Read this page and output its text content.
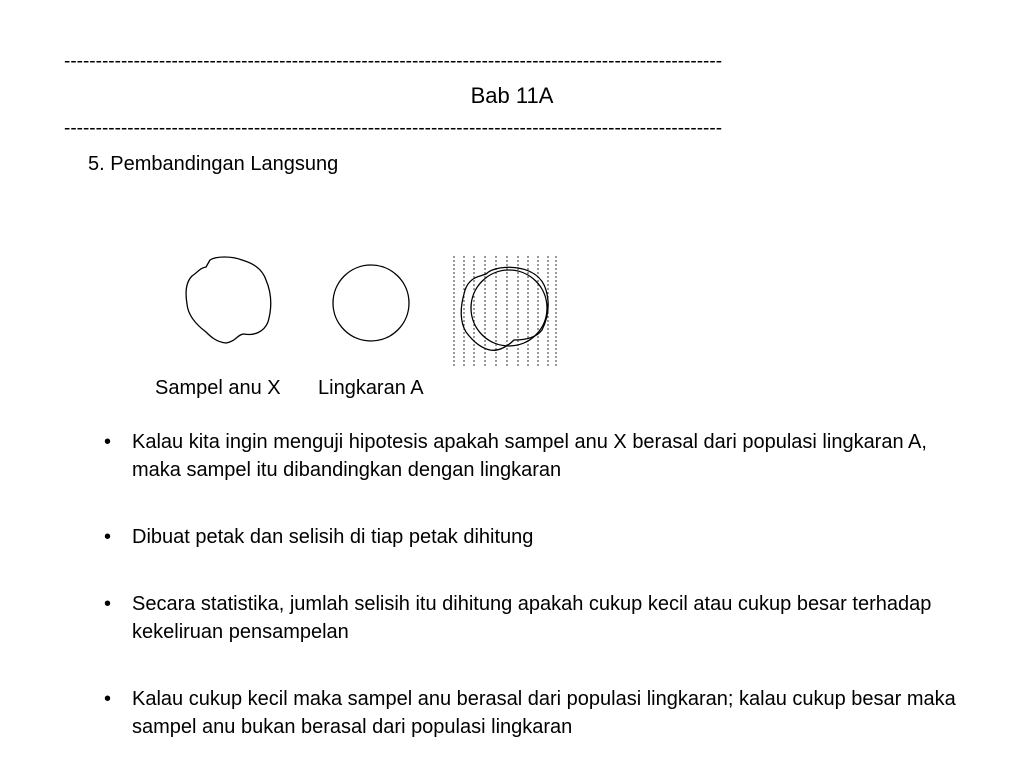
--------------------------------------------------------------------------------------------------------
Bab 11A
--------------------------------------------------------------------------------------------------------
5. Pembandingan Langsung
Sampel anu X Lingkaran A
• Kalau kita ingin menguji hipotesis apakah sampel anu X berasal dari populasi lingkaran A, maka sampel itu dibandingkan dengan lingkaran
• Dibuat petak dan selisih di tiap petak dihitung
• Secara statistika, jumlah selisih itu dihitung apakah cukup kecil atau cukup besar terhadap kekeliruan pensampelan
• Kalau cukup kecil maka sampel anu berasal dari populasi lingkaran; kalau cukup besar maka sampel anu bukan berasal dari populasi lingkaran
